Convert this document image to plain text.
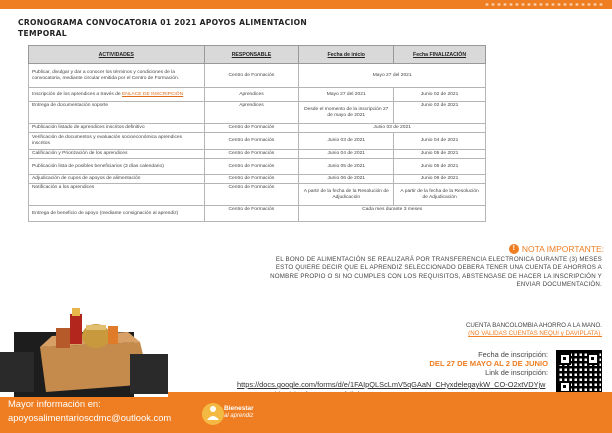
CRONOGRAMA CONVOCATORIA 01 2021 APOYOS ALIMENTACION TEMPORAL
ACTIVIDADES	RESPONSABLE	Fecha de inicio	Fecha FINALIZACIÓN
Publicar, divulgar y dar a conocer los términos y condiciones de la convocatoria, mediante circular emitida por el Centro de Formación.	Centro de Formación	Mayo 27 del 2021	
Inscripción de los aprendices a través de ENLACE DE INSCRIPCIÓN	Aprendices	Mayo 27 del 2021	Junio 02 de 2021
Entrega de documentación soporte	Aprendices	Desde el momento de la inscripción 27 de mayo de 2021	Junio 02 de 2021
Publicación listado de aprendices inscritos definitivo	Centro de Formación	Junio 03 de 2021	
Verificación de documentos y evaluación socioeconómica aprendices inscritos	Centro de Formación	Junio 03 de 2021	Junio 04 de 2021
Calificación y Priorización de los aprendices	Centro de Formación	Junio 04 de 2021	Junio 05 de 2021
Publicación lista de posibles beneficiarios (3 días calendario)	Centro de Formación	Junio 05 de 2021	Junio 05 de 2021
Adjudicación de cupos de apoyos de alimentación	Centro de Formación	Junio 06 de 2021	Junio 06 de 2021
Notificación a los aprendices	Centro de Formación	A partir de la fecha de la Resolución de Adjudicación	A partir de la fecha de la Resolución de Adjudicación
Entrega de beneficio de apoyo (mediante consignación al aprendiz)	Centro de Formación	Cada mes durante 3 meses	
! NOTA IMPORTANTE:
EL BONO DE ALIMENTACIÓN SE REALIZARÁ POR TRANSFERENCIA ELECTRONICA DURANTE (3) MESES ESTO QUIERE DECIR QUE EL APRENDIZ SELECCIONADO DEBERA TENER UNA CUENTA DE AHORROS A NOMBRE PROPIO O SI NO CUMPLES CON LOS REQUISITOS, ABSTENGASE DE HACER LA INSCRIPCIÓN Y ENVIAR DOCUMENTACIÓN.
CUENTA BANCOLOMBIA AHORRO A LA MANO.
(NO VALIDAS CUENTAS NEQUI y DAVIPLATA).
Fecha de inscripción:
DEL 27 DE MAYO AL 2 DE JUNIO
Link de inscripción:
https://docs.google.com/forms/d/e/1FAIpQLScLmV5qGAaN_CHyxdelegaykW_CO-O2xtVDYjw
Mayor información en:
apoyosalimentarioscdmc@outlook.com
Bienestar
al aprendiz
